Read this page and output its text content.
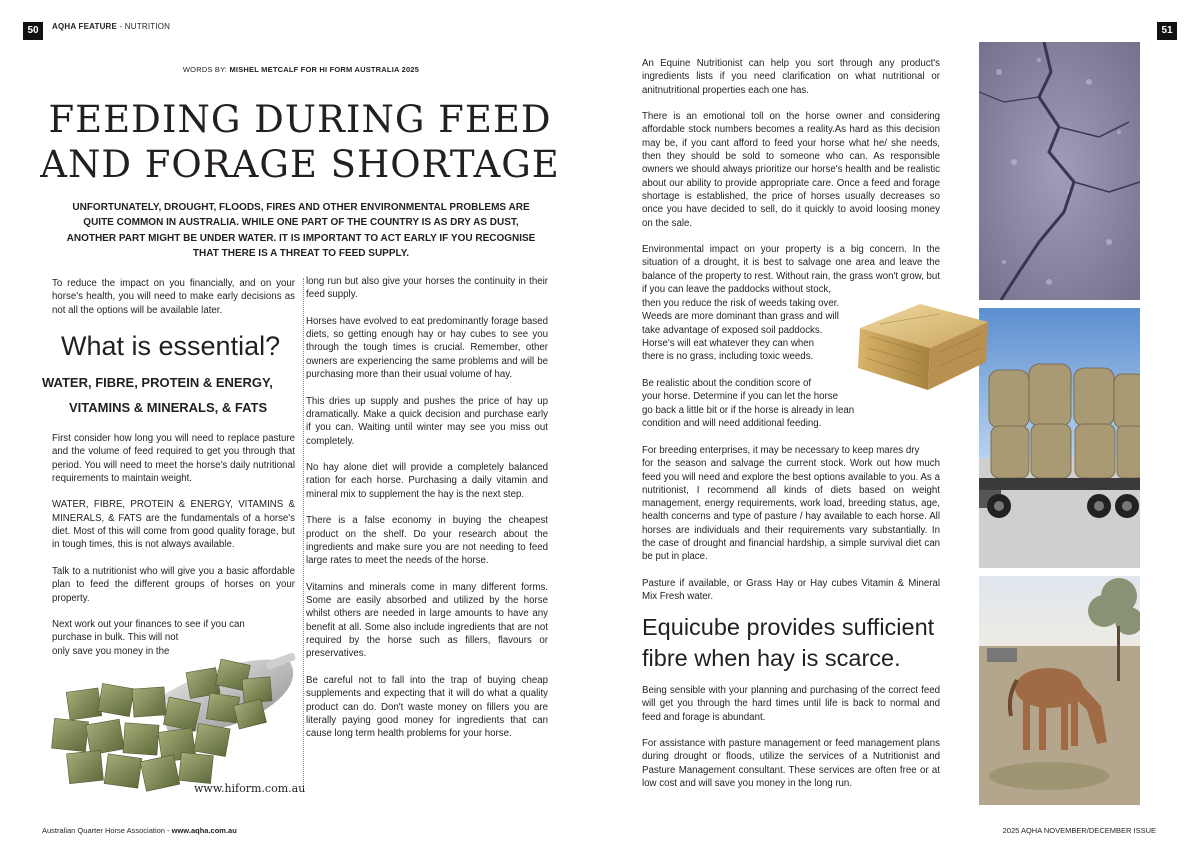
50	AQHA FEATURE - NUTRITION	51
WORDS BY: MISHEL METCALF FOR HI FORM AUSTRALIA 2025
FEEDING DURING FEED
AND FORAGE SHORTAGE
UNFORTUNATELY, DROUGHT, FLOODS, FIRES AND OTHER ENVIRONMENTAL PROBLEMS ARE QUITE COMMON IN AUSTRALIA. WHILE ONE PART OF THE COUNTRY IS AS DRY AS DUST, ANOTHER PART MIGHT BE UNDER WATER. IT IS IMPORTANT TO ACT EARLY IF YOU RECOGNISE THAT THERE IS A THREAT TO FEED SUPPLY.
To reduce the impact on you financially, and on your horse's health, you will need to make early decisions as not all the options will be available later.
What is essential?
WATER, FIBRE, PROTEIN & ENERGY,
VITAMINS & MINERALS, & FATS

First consider how long you will need to replace pasture and the volume of feed required to get you through that period. You will need to meet the horse's daily nutritional requirements to maintain weight.

WATER, FIBRE, PROTEIN & ENERGY, VITAMINS & MINERALS, & FATS are the fundamentals of a horse's diet. Most of this will come from good quality forage, but in tough times, this is not always available.

Talk to a nutritionist who will give you a basic affordable plan to feed the different groups of horses on your property.

Next work out your finances to see if you can
purchase in bulk. This will not
only save you money in the

www.hiform.com.au

long run but also give your horses the continuity in their feed supply.

Horses have evolved to eat predominantly forage based diets, so getting enough hay or hay cubes to see you through the tough times is crucial. Remember, other owners are experiencing the same problems and will be purchasing more than their usual volume of hay.

This dries up supply and pushes the price of hay up dramatically. Make a quick decision and purchase early if you can. Waiting until winter may see you miss out completely.

No hay alone diet will provide a completely balanced ration for each horse. Purchasing a daily vitamin and mineral mix to supplement the hay is the next step.

There is a false economy in buying the cheapest product on the shelf. Do your research about the ingredients and make sure you are not needing to feed large rates to meet the needs of the horse.

Vitamins and minerals come in many different forms. Some are easily absorbed and utilized by the horse whilst others are needed in large amounts to have any benefit at all. Some also include ingredients that are not required by the horse such as fillers, flavours or preservatives.

Be careful not to fall into the trap of buying cheap supplements and expecting that it will do what a quality product can do. Don't waste money on fillers you are literally paying good money for ingredients that can cause long term health problems for your horse.

An Equine Nutritionist can help you sort through any product's ingredients lists if you need clarification on what nutritional or anitnutritional properties each one has.

There is an emotional toll on the horse owner and considering affordable stock numbers becomes a reality.As hard as this decision may be, if you cant afford to feed your horse what he/ she needs, then they should be sold to someone who can. As responsible owners we should always prioritize our horse's health and be realistic about our ability to provide appropriate care. Once a feed and forage shortage is established, the price of horses usually decreases so once you have decided to sell, do it quickly to avoid loosing money on the sale.

Environmental impact on your property is a big concern. In the situation of a drought, it is best to salvage one area and leave the balance of the property to rest. Without rain, the grass won't grow, but if you can leave the paddocks without stock,

then you reduce the risk of weeds taking over.
Weeds are more dominant than grass and will
take advantage of exposed soil paddocks.
Horse's will eat whatever they can when
there is no grass, including toxic weeds.
Be realistic about the condition score of
your horse. Determine if you can let the horse
go back a little bit or if the horse is already in lean
condition and will need additional feeding.
For breeding enterprises, it may be necessary to keep mares dry

for the season and salvage the current stock. Work out how much feed you will need and explore the best options available to you. As a nutritionist, I recommend all kinds of diets based on weight management, energy requirements, work load, breeding status, age, health concerns and type of pasture / hay available to each horse. All horses are individuals and their requirements vary substantially. In the case of drought and financial hardship, a simple survival diet can be put in place.

Pasture if available, or Grass Hay or Hay cubes Vitamin & Mineral Mix Fresh water.

Equicube provides sufficient
fibre when hay is scarce.

Being sensible with your planning and purchasing of the correct feed will get you through the hard times until life is back to normal and feed and forage is abundant.

For assistance with pasture management or feed management plans during drought or floods, utilize the services of a Nutritionist and Pasture Management consultant. These services are often free or at low cost and will save you money in the long run.

Australian Quarter Horse Association - www.aqha.com.au	2025 AQHA NOVEMBER/DECEMBER ISSUE
